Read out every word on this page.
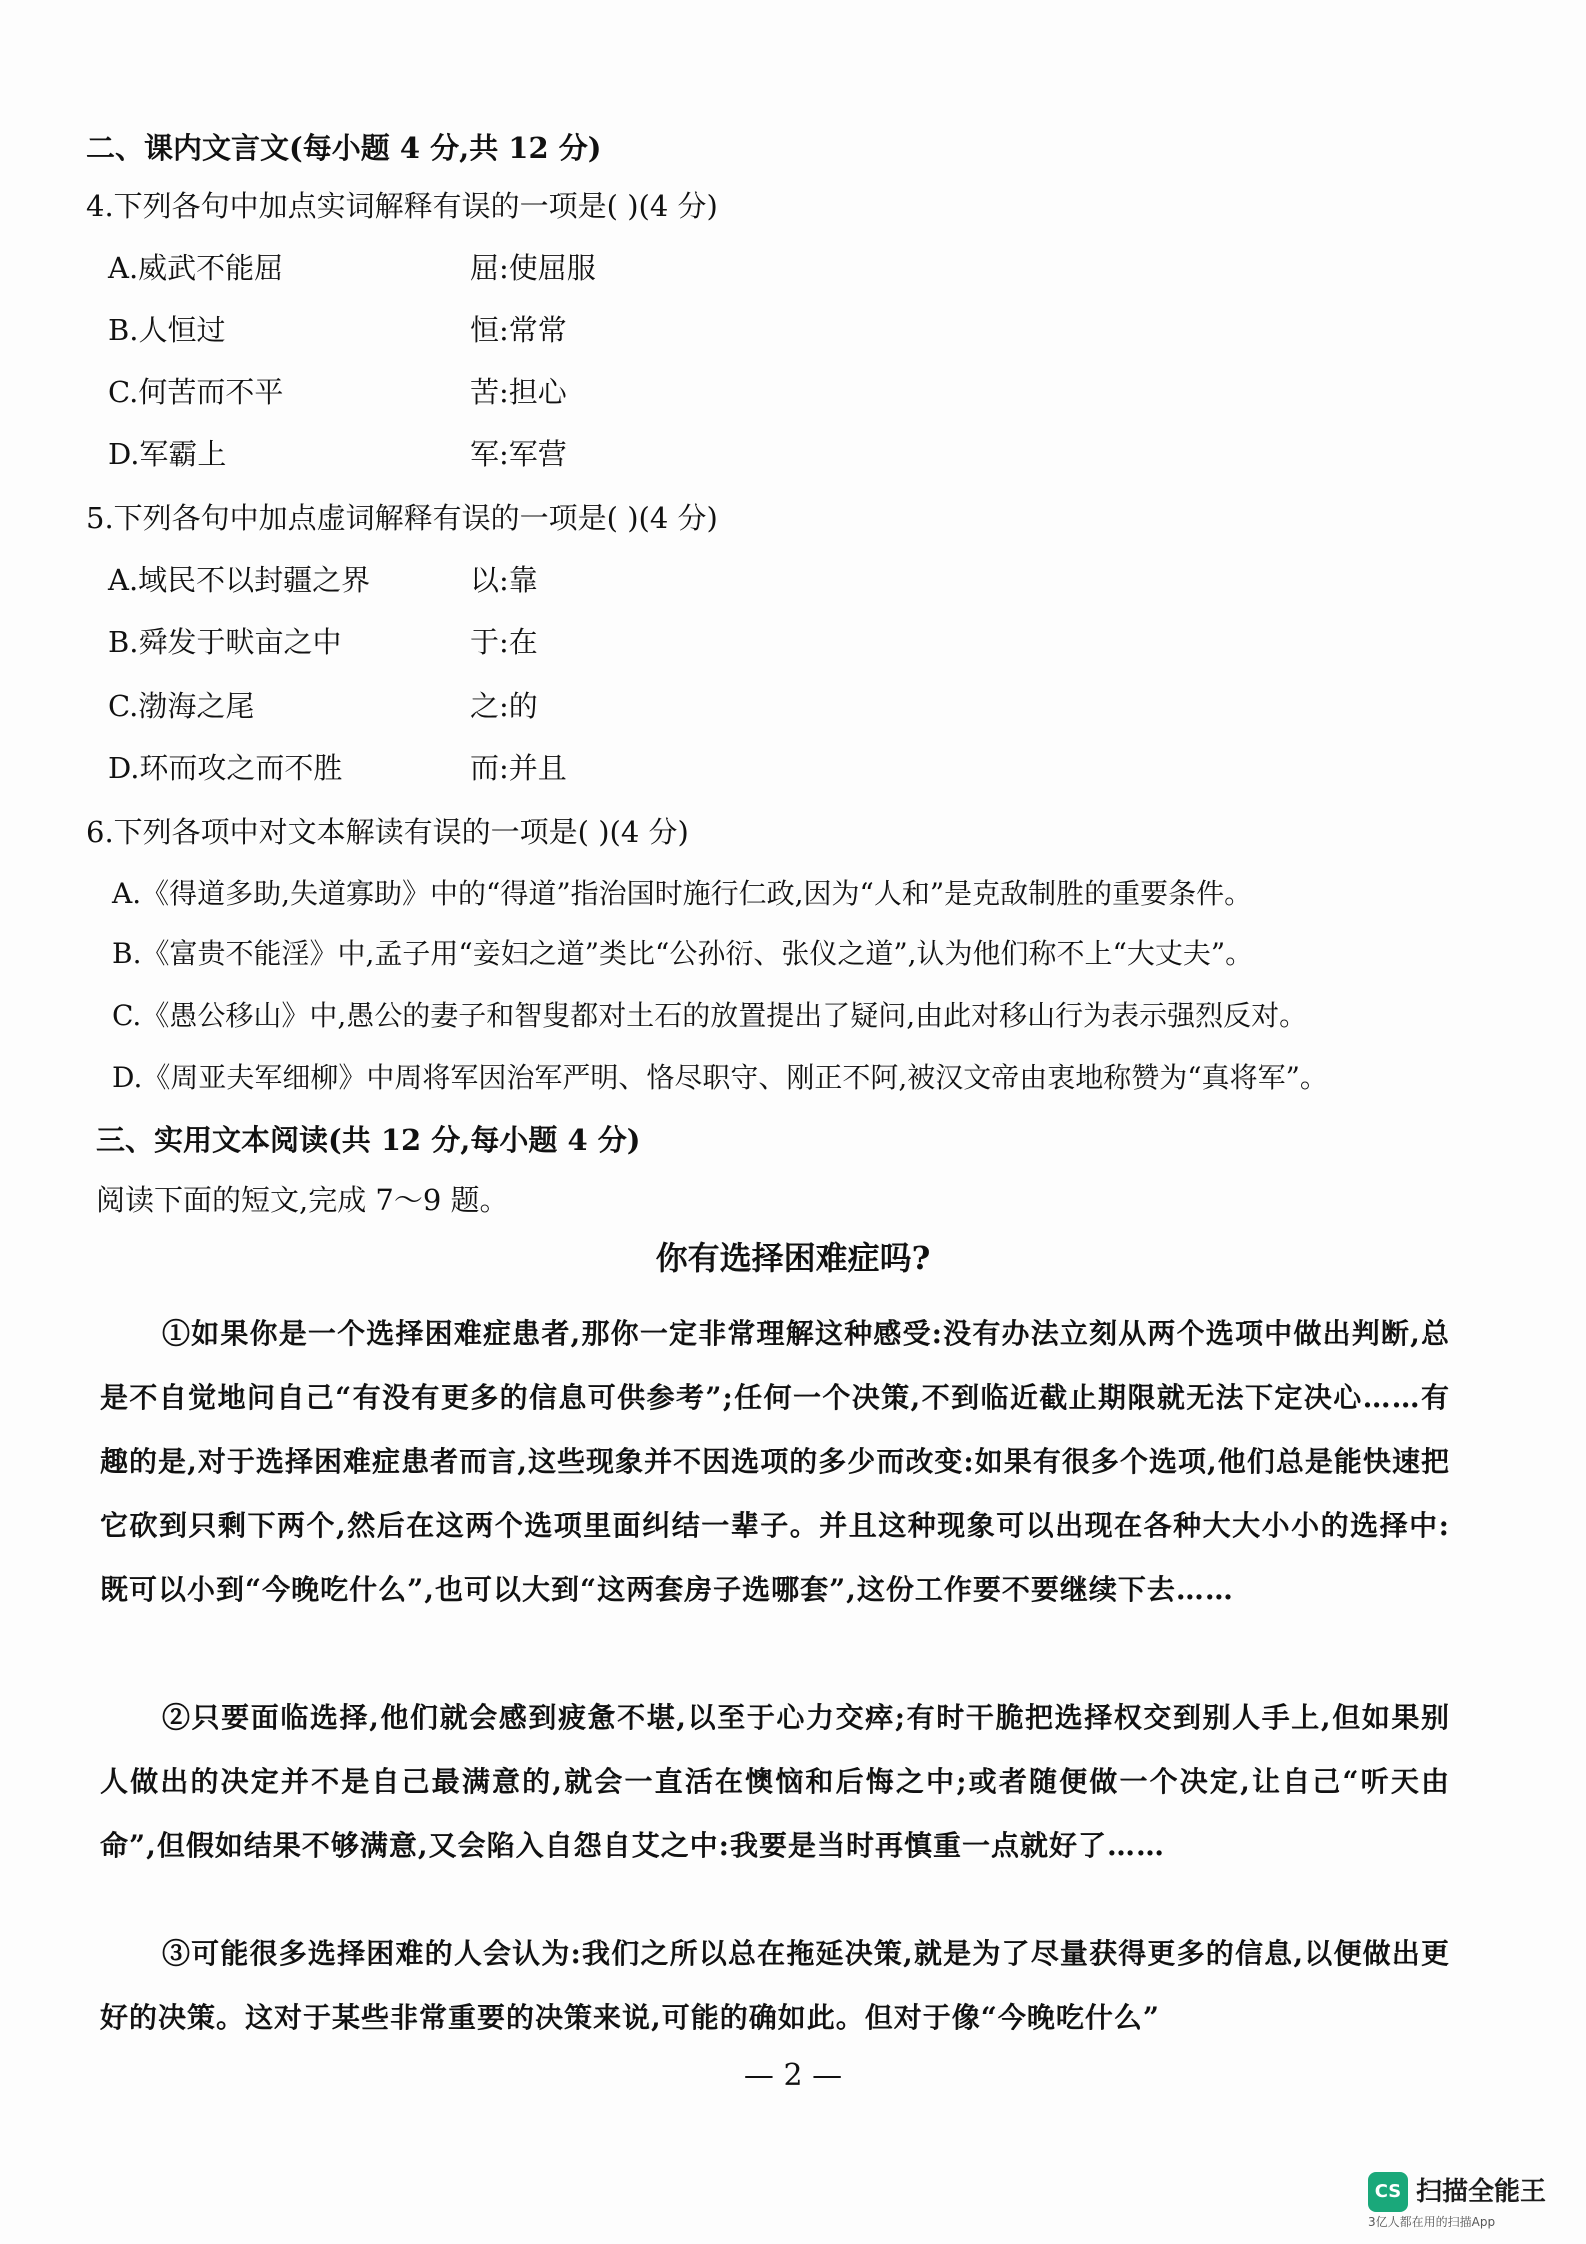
二、课内文言文(每小题 4 分,共 12 分)
4.下列各句中加点实词解释有误的一项是( )(4 分)
A.威武不能屈	屈:使屈服
B.人恒过	恒:常常
C.何苦而不平	苦:担心
D.军霸上	军:军营
5.下列各句中加点虚词解释有误的一项是( )(4 分)
A.域民不以封疆之界	以:靠
B.舜发于畎亩之中	于:在
C.渤海之尾	之:的
D.环而攻之而不胜	而:并且
6.下列各项中对文本解读有误的一项是( )(4 分)
A.《得道多助,失道寡助》中的“得道”指治国时施行仁政,因为“人和”是克敌制胜的重要条件。
B.《富贵不能淫》中,孟子用“妾妇之道”类比“公孙衍、张仪之道”,认为他们称不上“大丈夫”。
C.《愚公移山》中,愚公的妻子和智叟都对土石的放置提出了疑问,由此对移山行为表示强烈反对。
D.《周亚夫军细柳》中周将军因治军严明、恪尽职守、刚正不阿,被汉文帝由衷地称赞为“真将军”。
三、实用文本阅读(共 12 分,每小题 4 分)
阅读下面的短文,完成 7～9 题。
你有选择困难症吗?
①如果你是一个选择困难症患者,那你一定非常理解这种感受:没有办法立刻从两个选项中做出判断,总是不自觉地问自己“有没有更多的信息可供参考”;任何一个决策,不到临近截止期限就无法下定决心……有趣的是,对于选择困难症患者而言,这些现象并不因选项的多少而改变:如果有很多个选项,他们总是能快速把它砍到只剩下两个,然后在这两个选项里面纠结一辈子。并且这种现象可以出现在各种大大小小的选择中:既可以小到“今晚吃什么”,也可以大到“这两套房子选哪套”,这份工作要不要继续下去……
②只要面临选择,他们就会感到疲惫不堪,以至于心力交瘁;有时干脆把选择权交到别人手上,但如果别人做出的决定并不是自己最满意的,就会一直活在懊恼和后悔之中;或者随便做一个决定,让自己“听天由命”,但假如结果不够满意,又会陷入自怨自艾之中:我要是当时再慎重一点就好了……
③可能很多选择困难的人会认为:我们之所以总在拖延决策,就是为了尽量获得更多的信息,以便做出更好的决策。这对于某些非常重要的决策来说,可能的确如此。但对于像“今晚吃什么”
— 2 —
CS 扫描全能王
3亿人都在用的扫描App
